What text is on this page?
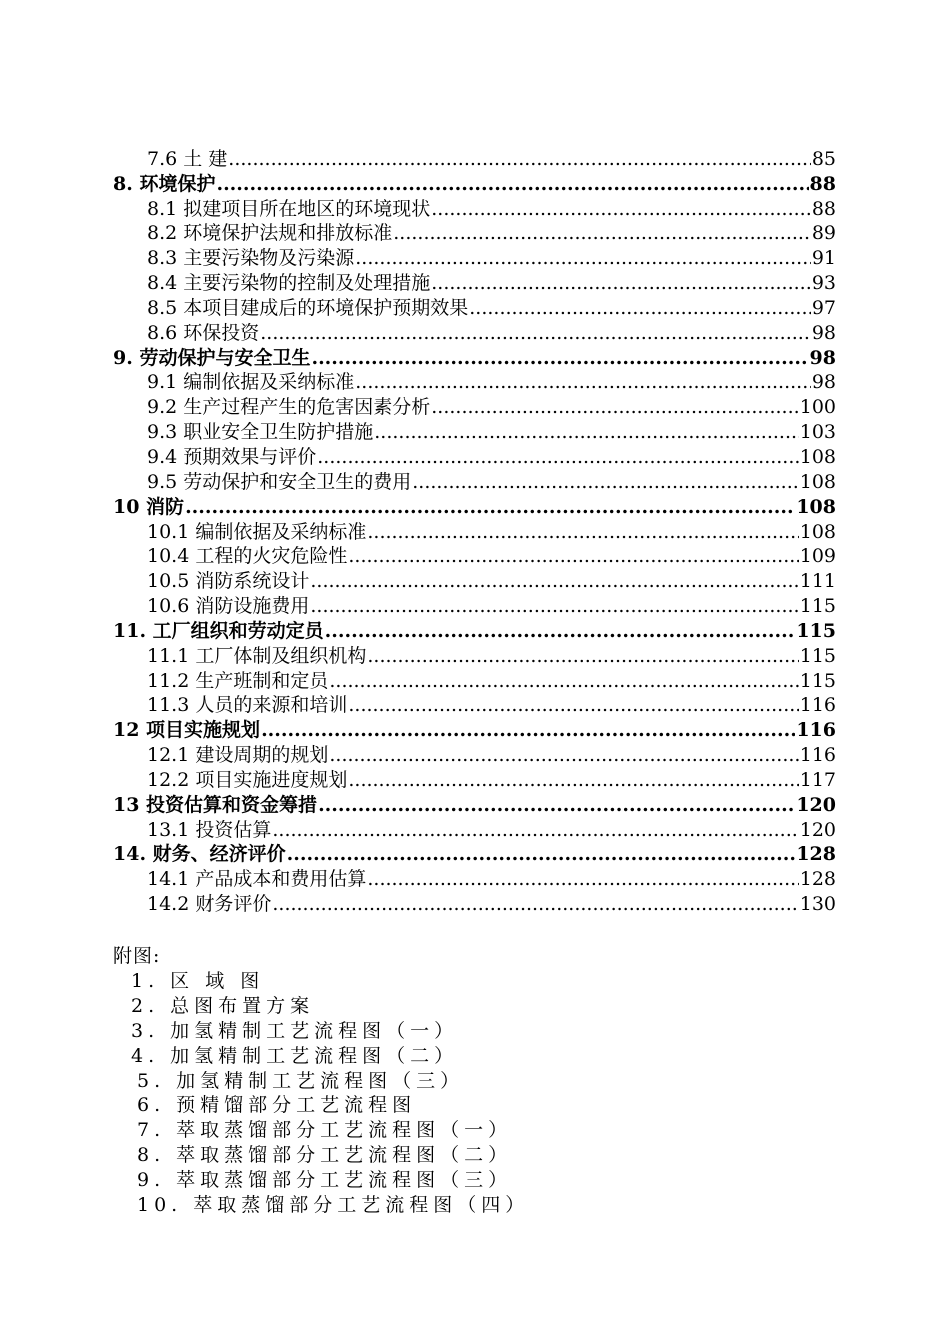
7.6 土 建 .....	85
8. 环境保护 .....	88
8.1 拟建项目所在地区的环境现状 .....	88
8.2 环境保护法规和排放标准 .....	89
8.3 主要污染物及污染源 .....	91
8.4 主要污染物的控制及处理措施 .....	93
8.5 本项目建成后的环境保护预期效果 .....	97
8.6 环保投资 .....	98
9. 劳动保护与安全卫生 .....	98
9.1 编制依据及采纳标准 .....	98
9.2 生产过程产生的危害因素分析 .....	100
9.3 职业安全卫生防护措施 .....	103
9.4 预期效果与评价 .....	108
9.5 劳动保护和安全卫生的费用 .....	108
10 消防 .....	108
10.1 编制依据及采纳标准 .....	108
10.4 工程的火灾危险性 .....	109
10.5 消防系统设计 .....	111
10.6 消防设施费用 .....	115
11. 工厂组织和劳动定员 .....	115
11.1 工厂体制及组织机构 .....	115
11.2 生产班制和定员 .....	115
11.3 人员的来源和培训 .....	116
12 项目实施规划 .....	116
12.1 建设周期的规划 .....	116
12.2 项目实施进度规划 .....	117
13 投资估算和资金筹措 .....	120
13.1 投资估算 .....	120
14. 财务、经济评价 .....	128
14.1 产品成本和费用估算 .....	128
14.2 财务评价 .....	130
附图:
1. 区 域 图
2. 总图布置方案
3. 加氢精制工艺流程图（一）
4. 加氢精制工艺流程图（二）
5. 加氢精制工艺流程图（三）
6. 预精馏部分工艺流程图
7. 萃取蒸馏部分工艺流程图（一）
8. 萃取蒸馏部分工艺流程图（二）
9. 萃取蒸馏部分工艺流程图（三）
10. 萃取蒸馏部分工艺流程图（四）
